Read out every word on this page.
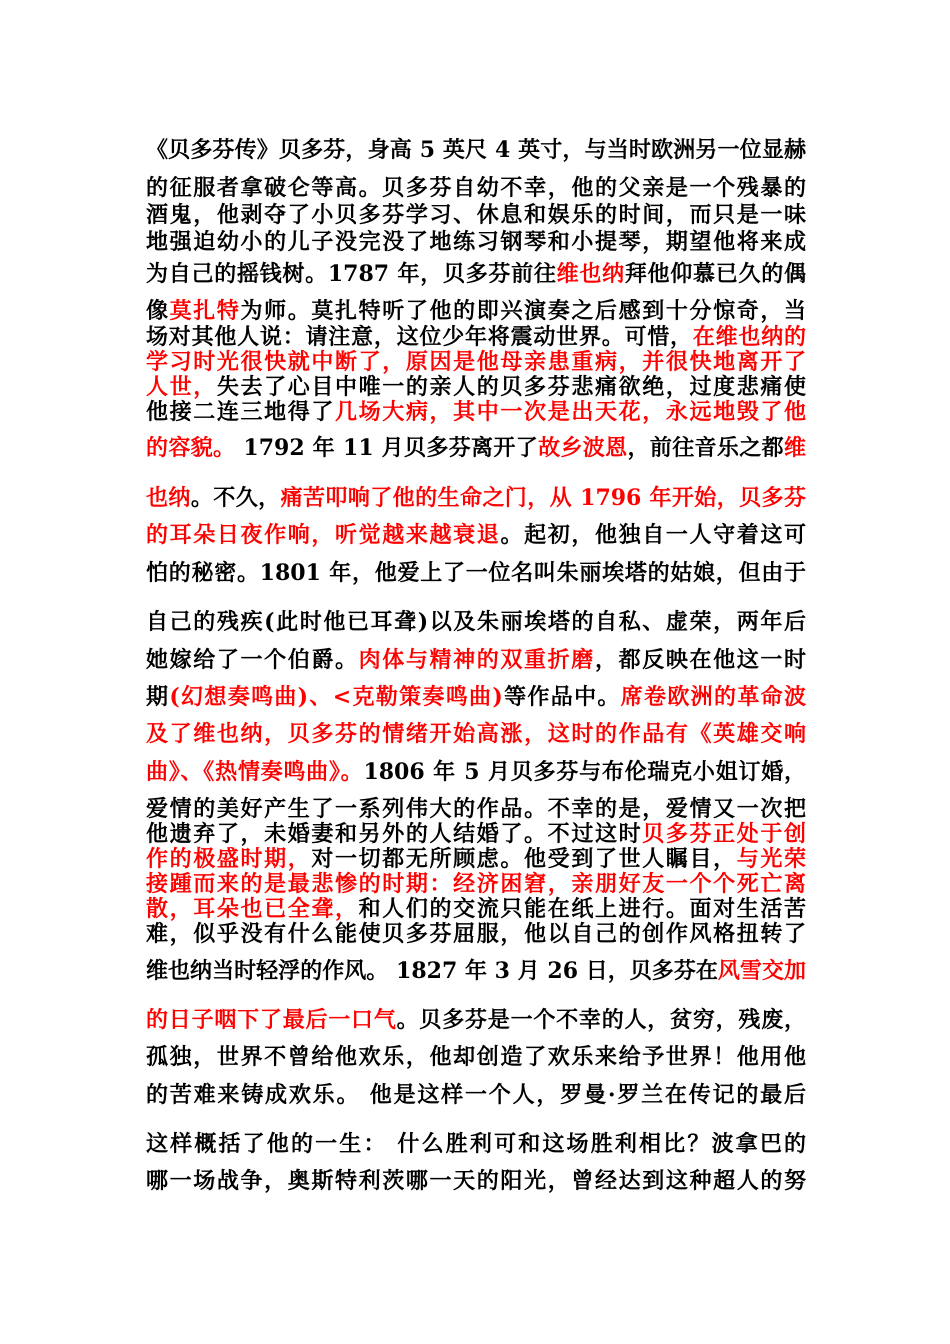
《贝多芬传》贝多芬，身高 5 英尺 4 英寸，与当时欧洲另一位显赫
的征服者拿破仑等高。贝多芬自幼不幸，他的父亲是一个残暴的
酒鬼，他剥夺了小贝多芬学习、休息和娱乐的时间，而只是一味
地强迫幼小的儿子没完没了地练习钢琴和小提琴，期望他将来成
为自己的摇钱树。1787 年，贝多芬前往维也纳拜他仰慕已久的偶
像莫扎特为师。莫扎特听了他的即兴演奏之后感到十分惊奇，当
场对其他人说：请注意，这位少年将震动世界。可惜，在维也纳的
学习时光很快就中断了，原因是他母亲患重病，并很快地离开了
人世，失去了心目中唯一的亲人的贝多芬悲痛欲绝，过度悲痛使
他接二连三地得了几场大病，其中一次是出天花，永远地毁了他
的容貌。 1792 年 11 月贝多芬离开了故乡波恩，前往音乐之都维
也纳。不久，痛苦叩响了他的生命之门，从 1796 年开始，贝多芬
的耳朵日夜作响，听觉越来越衰退。起初，他独自一人守着这可
怕的秘密。1801 年，他爱上了一位名叫朱丽埃塔的姑娘，但由于
自己的残疾(此时他已耳聋)以及朱丽埃塔的自私、虚荣，两年后
她嫁给了一个伯爵。肉体与精神的双重折磨，都反映在他这一时
期(幻想奏鸣曲)、<克勒策奏鸣曲)等作品中。席卷欧洲的革命波
及了维也纳，贝多芬的情绪开始高涨，这时的作品有《英雄交响
曲》、《热情奏鸣曲》。1806 年 5 月贝多芬与布伦瑞克小姐订婚，
爱情的美好产生了一系列伟大的作品。不幸的是，爱情又一次把
他遗弃了，未婚妻和另外的人结婚了。不过这时贝多芬正处于创
作的极盛时期，对一切都无所顾虑。他受到了世人瞩目，与光荣
接踵而来的是最悲惨的时期：经济困窘，亲朋好友一个个死亡离
散，耳朵也已全聋，和人们的交流只能在纸上进行。面对生活苦
难，似乎没有什么能使贝多芬屈服，他以自己的创作风格扭转了
维也纳当时轻浮的作风。 1827 年 3 月 26 日，贝多芬在风雪交加
的日子咽下了最后一口气。贝多芬是一个不幸的人，贫穷，残废，
孤独，世界不曾给他欢乐，他却创造了欢乐来给予世界！他用他
的苦难来铸成欢乐。 他是这样一个人，罗曼·罗兰在传记的最后
这样概括了他的一生： 什么胜利可和这场胜利相比？波拿巴的
哪一场战争，奥斯特利茨哪一天的阳光，曾经达到这种超人的努
